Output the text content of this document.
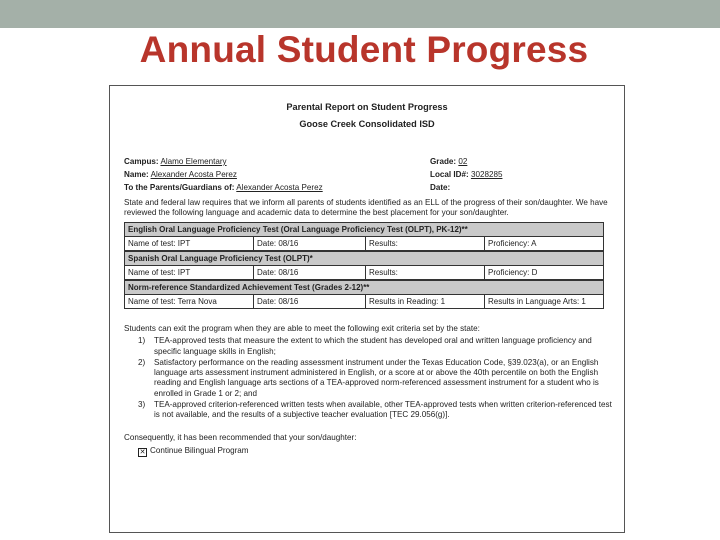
Annual Student Progress
Parental Report on Student Progress
Goose Creek Consolidated ISD
Campus: Alamo Elementary
Name: Alexander Acosta Perez
To the Parents/Guardians of: Alexander Acosta Perez
Grade: 02
Local ID#: 3028285
Date:
State and federal law requires that we inform all parents of students identified as an ELL of the progress of their son/daughter. We have reviewed the following language and academic data to determine the best placement for your son/daughter.
English Oral Language Proficiency Test (Oral Language Proficiency Test (OLPT), PK-12)**
Name of test: IPT	Date: 08/16	Results:	Proficiency: A
Spanish Oral Language Proficiency Test (OLPT)*
Name of test: IPT	Date: 08/16	Results:	Proficiency: D
Norm-reference Standardized Achievement Test (Grades 2-12)**
Name of test: Terra Nova	Date: 08/16	Results in Reading: 1	Results in Language Arts: 1
Students can exit the program when they are able to meet the following exit criteria set by the state:
1) TEA-approved tests that measure the extent to which the student has developed oral and written language proficiency and specific language skills in English;
2) Satisfactory performance on the reading assessment instrument under the Texas Education Code, §39.023(a), or an English language arts assessment instrument administered in English, or a score at or above the 40th percentile on both the English reading and English language arts sections of a TEA-approved norm-referenced assessment instrument for a student who is enrolled in Grade 1 or 2; and
3) TEA-approved criterion-referenced written tests when available, other TEA-approved tests when written criterion-referenced test is not available, and the results of a subjective teacher evaluation [TEC 29.056(g)].
Consequently, it has been recommended that your son/daughter:
✕ Continue Bilingual Program
